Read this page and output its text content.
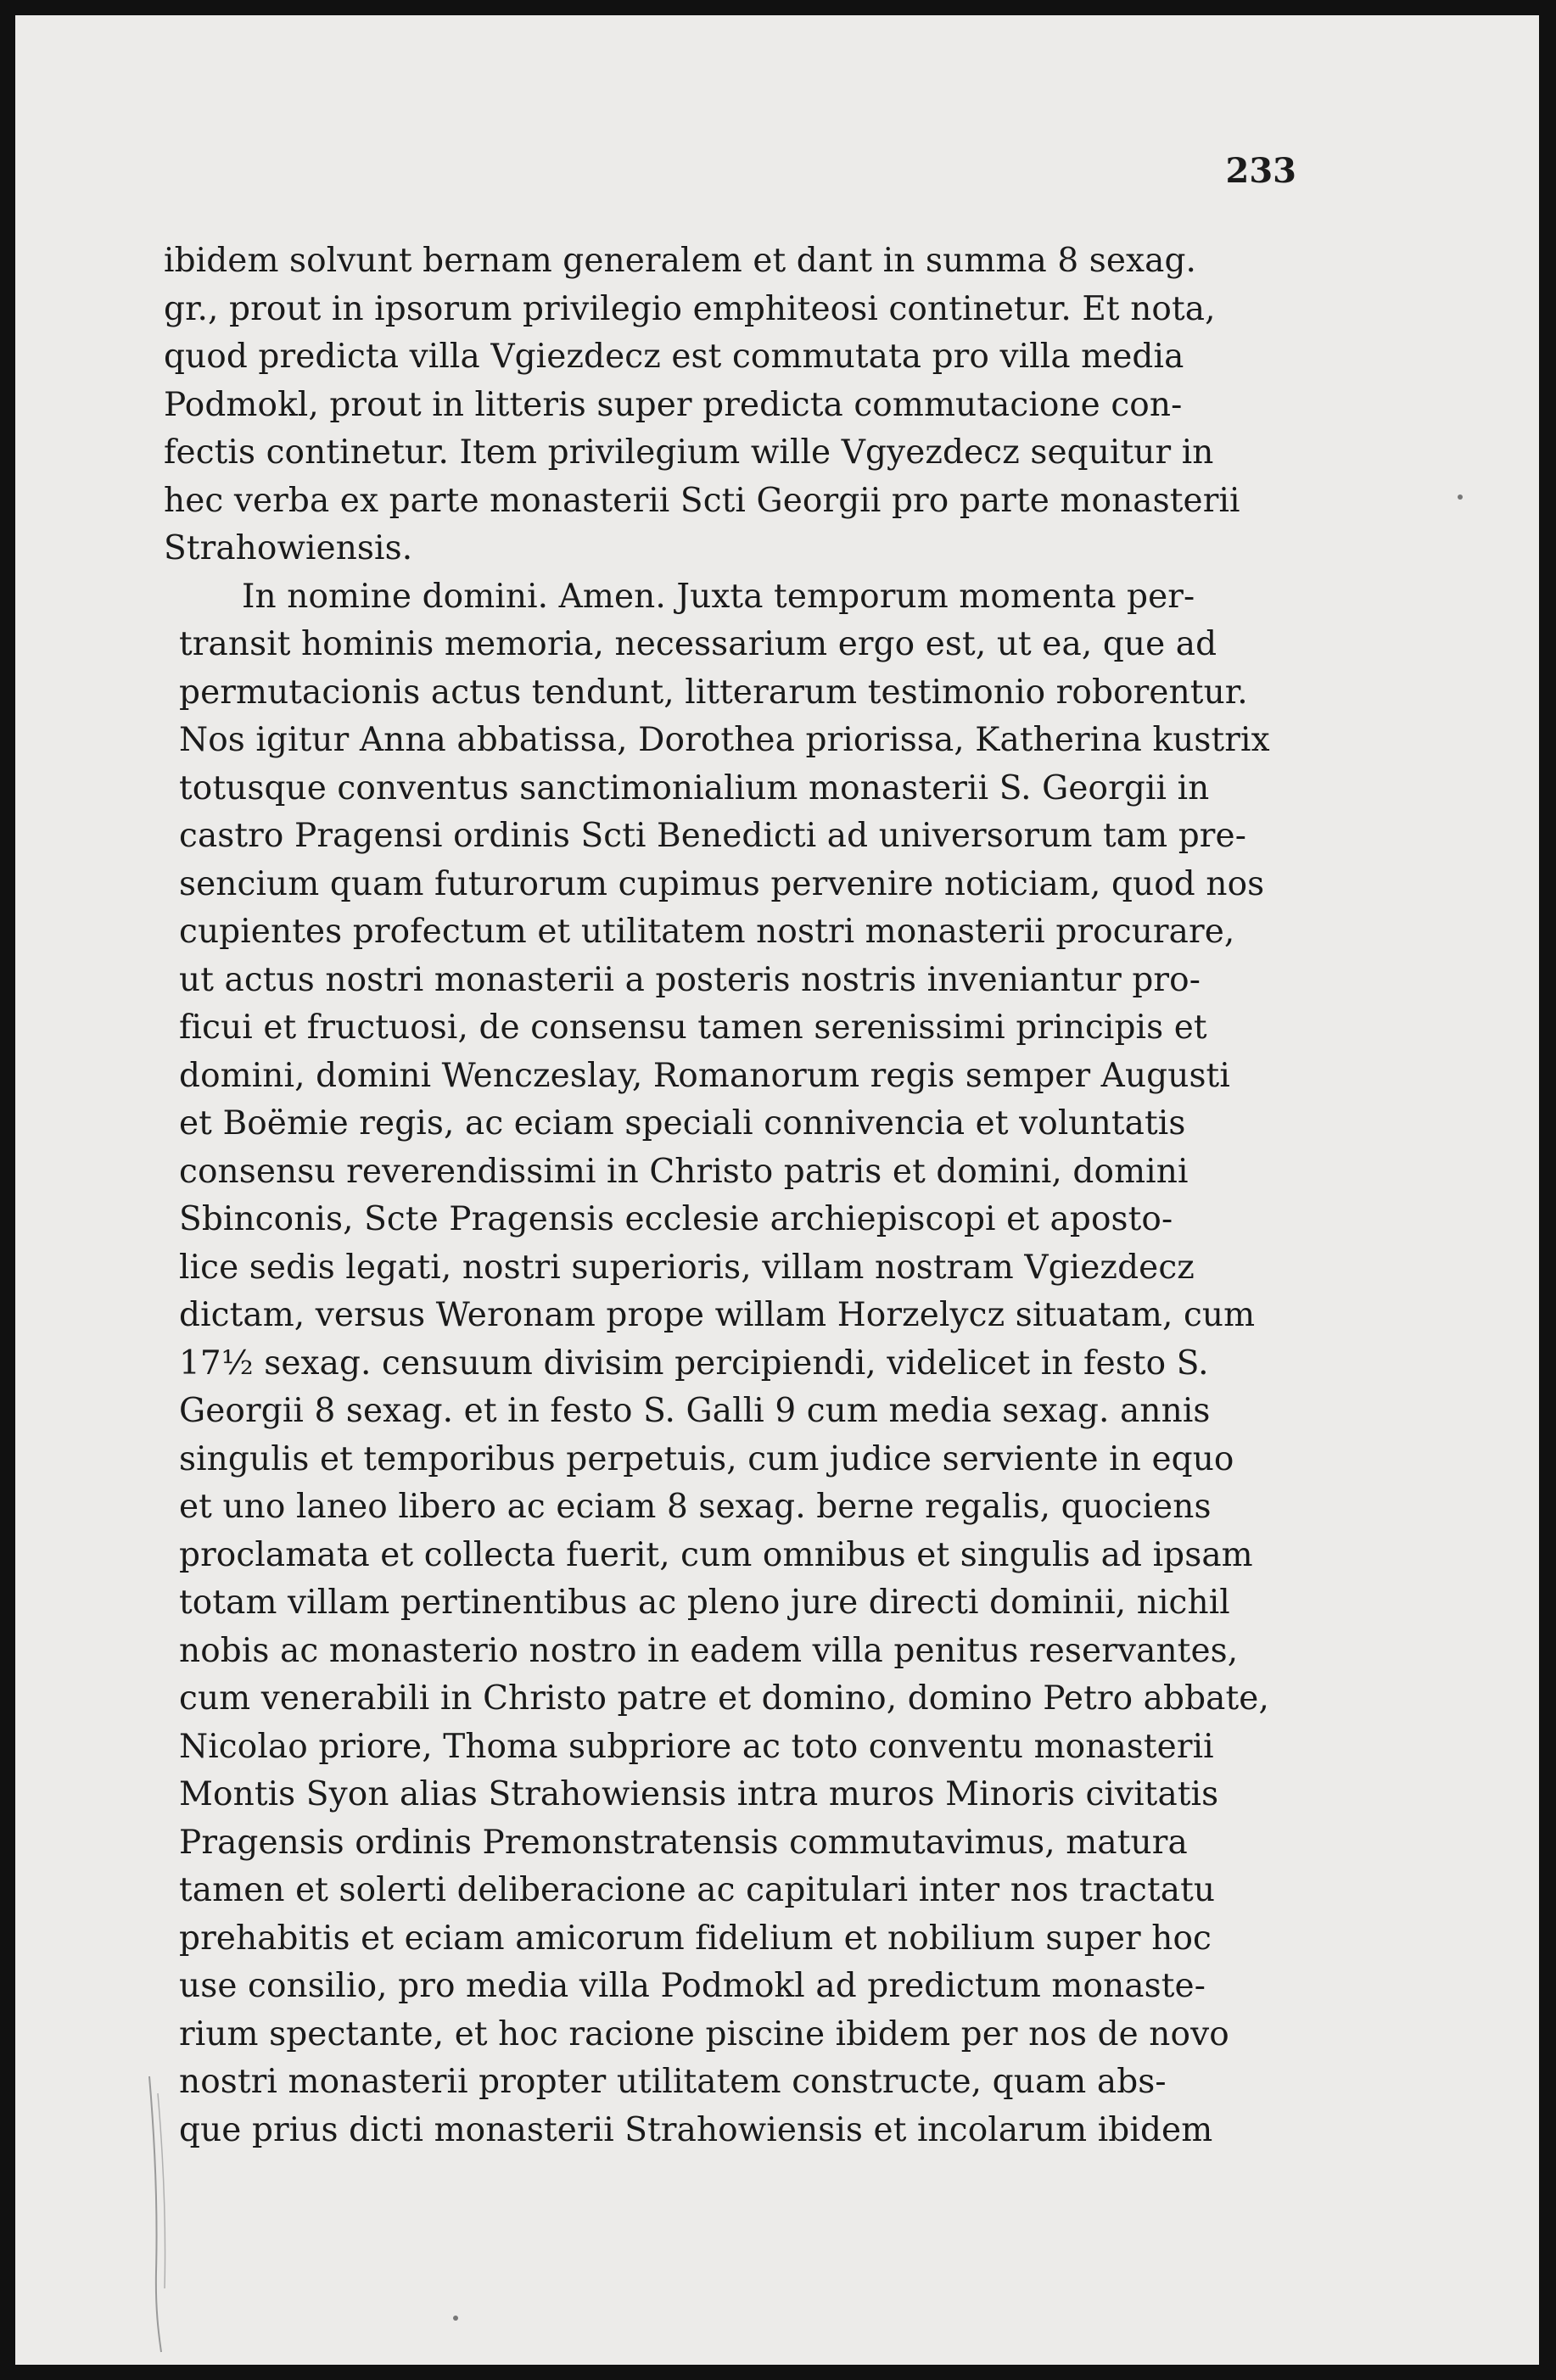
233
ibidem solvunt bernam generalem et dant in summa 8 sexag.
gr., prout in ipsorum privilegio emphiteosi continetur. Et nota,
quod predicta villa Vgiezdecz est commutata pro villa media
Podmokl, prout in litteris super predicta commutacione con-
fectis continetur. Item privilegium wille Vgyezdecz sequitur in
hec verba ex parte monasterii Scti Georgii pro parte monasterii
Strahowiensis.
In nomine domini. Amen. Juxta temporum momenta per-
transit hominis memoria, necessarium ergo est, ut ea, que ad
permutacionis actus tendunt, litterarum testimonio roborentur.
Nos igitur Anna abbatissa, Dorothea priorissa, Katherina kustrix
totusque conventus sanctimonialium monasterii S. Georgii in
castro Pragensi ordinis Scti Benedicti ad universorum tam pre-
sencium quam futurorum cupimus pervenire noticiam, quod nos
cupientes profectum et utilitatem nostri monasterii procurare,
ut actus nostri monasterii a posteris nostris inveniantur pro-
ficui et fructuosi, de consensu tamen serenissimi principis et
domini, domini Wenczeslay, Romanorum regis semper Augusti
et Boëmie regis, ac eciam speciali connivencia et voluntatis
consensu reverendissimi in Christo patris et domini, domini
Sbinconis, Scte Pragensis ecclesie archiepiscopi et aposto-
lice sedis legati, nostri superioris, villam nostram Vgiezdecz
dictam, versus Weronam prope willam Horzelycz situatam, cum
17½ sexag. censuum divisim percipiendi, videlicet in festo S.
Georgii 8 sexag. et in festo S. Galli 9 cum media sexag. annis
singulis et temporibus perpetuis, cum judice serviente in equo
et uno laneo libero ac eciam 8 sexag. berne regalis, quociens
proclamata et collecta fuerit, cum omnibus et singulis ad ipsam
totam villam pertinentibus ac pleno jure directi dominii, nichil
nobis ac monasterio nostro in eadem villa penitus reservantes,
cum venerabili in Christo patre et domino, domino Petro abbate,
Nicolao priore, Thoma subpriore ac toto conventu monasterii
Montis Syon alias Strahowiensis intra muros Minoris civitatis
Pragensis ordinis Premonstratensis commutavimus, matura
tamen et solerti deliberacione ac capitulari inter nos tractatu
prehabitis et eciam amicorum fidelium et nobilium super hoc
use consilio, pro media villa Podmokl ad predictum monaste-
rium spectante, et hoc racione piscine ibidem per nos de novo
nostri monasterii propter utilitatem constructe, quam abs-
que prius dicti monasterii Strahowiensis et incolarum ibidem
